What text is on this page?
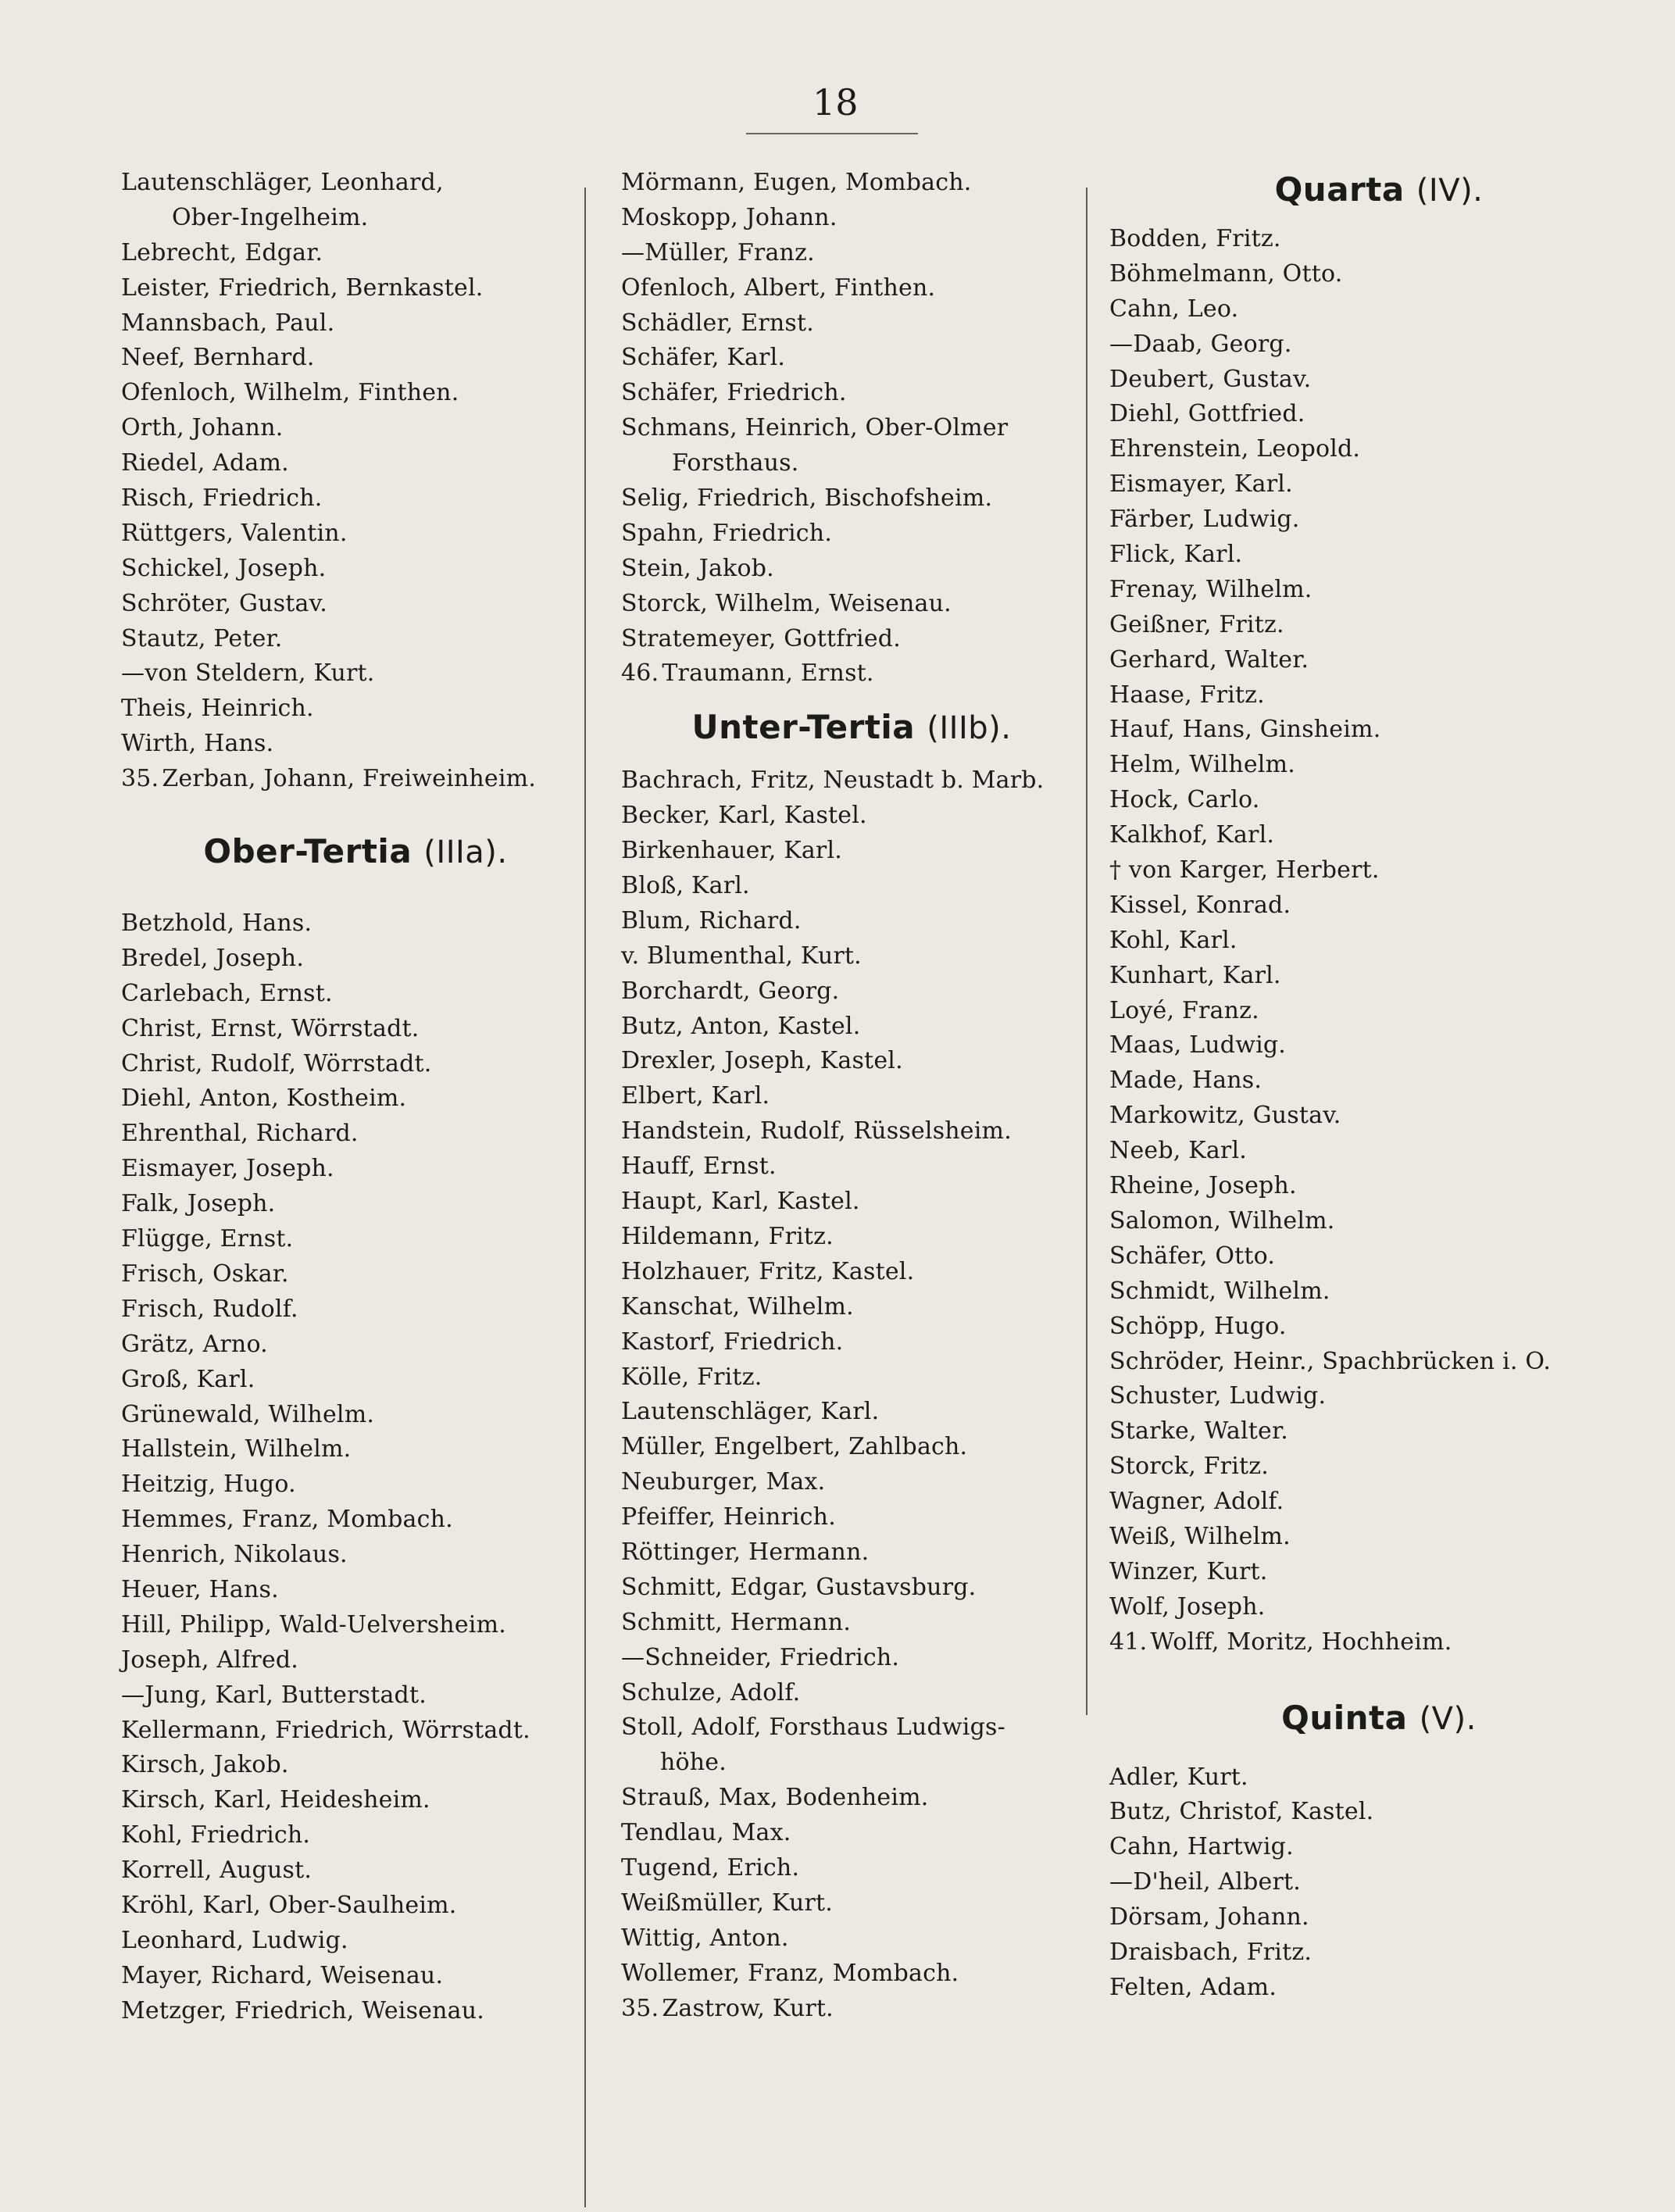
18
Lautenschläger, Leonhard,
Ober-Ingelheim.
Lebrecht, Edgar.
Leister, Friedrich, Bernkastel.
Mannsbach, Paul.
Neef, Bernhard.
Ofenloch, Wilhelm, Finthen.
Orth, Johann.
Riedel, Adam.
Risch, Friedrich.
Rüttgers, Valentin.
Schickel, Joseph.
Schröter, Gustav.
Stautz, Peter.
—von Steldern, Kurt.
Theis, Heinrich.
Wirth, Hans.
35. Zerban, Johann, Freiweinheim.
Ober-Tertia (IIIa).
Betzhold, Hans.
Bredel, Joseph.
Carlebach, Ernst.
Christ, Ernst, Wörrstadt.
Christ, Rudolf, Wörrstadt.
Diehl, Anton, Kostheim.
Ehrenthal, Richard.
Eismayer, Joseph.
Falk, Joseph.
Flügge, Ernst.
Frisch, Oskar.
Frisch, Rudolf.
Grätz, Arno.
Groß, Karl.
Grünewald, Wilhelm.
Hallstein, Wilhelm.
Heitzig, Hugo.
Hemmes, Franz, Mombach.
Henrich, Nikolaus.
Heuer, Hans.
Hill, Philipp, Wald-Uelversheim.
Joseph, Alfred.
—Jung, Karl, Butterstadt.
Kellermann, Friedrich, Wörrstadt.
Kirsch, Jakob.
Kirsch, Karl, Heidesheim.
Kohl, Friedrich.
Korrell, August.
Kröhl, Karl, Ober-Saulheim.
Leonhard, Ludwig.
Mayer, Richard, Weisenau.
Metzger, Friedrich, Weisenau.
Mörmann, Eugen, Mombach.
Moskopp, Johann.
—Müller, Franz.
Ofenloch, Albert, Finthen.
Schädler, Ernst.
Schäfer, Karl.
Schäfer, Friedrich.
Schmans, Heinrich, Ober-Olmer
Forsthaus.
Selig, Friedrich, Bischofsheim.
Spahn, Friedrich.
Stein, Jakob.
Storck, Wilhelm, Weisenau.
Stratemeyer, Gottfried.
46. Traumann, Ernst.
Unter-Tertia (IIIb).
Bachrach, Fritz, Neustadt b. Marb.
Becker, Karl, Kastel.
Birkenhauer, Karl.
Bloß, Karl.
Blum, Richard.
v. Blumenthal, Kurt.
Borchardt, Georg.
Butz, Anton, Kastel.
Drexler, Joseph, Kastel.
Elbert, Karl.
Handstein, Rudolf, Rüsselsheim.
Hauff, Ernst.
Haupt, Karl, Kastel.
Hildemann, Fritz.
Holzhauer, Fritz, Kastel.
Kanschat, Wilhelm.
Kastorf, Friedrich.
Kölle, Fritz.
Lautenschläger, Karl.
Müller, Engelbert, Zahlbach.
Neuburger, Max.
Pfeiffer, Heinrich.
Röttinger, Hermann.
Schmitt, Edgar, Gustavsburg.
Schmitt, Hermann.
—Schneider, Friedrich.
Schulze, Adolf.
Stoll, Adolf, Forsthaus Ludwigs-
höhe.
Strauß, Max, Bodenheim.
Tendlau, Max.
Tugend, Erich.
Weißmüller, Kurt.
Wittig, Anton.
Wollemer, Franz, Mombach.
35. Zastrow, Kurt.
Quarta (IV).
Bodden, Fritz.
Böhmelmann, Otto.
Cahn, Leo.
—Daab, Georg.
Deubert, Gustav.
Diehl, Gottfried.
Ehrenstein, Leopold.
Eismayer, Karl.
Färber, Ludwig.
Flick, Karl.
Frenay, Wilhelm.
Geißner, Fritz.
Gerhard, Walter.
Haase, Fritz.
Hauf, Hans, Ginsheim.
Helm, Wilhelm.
Hock, Carlo.
Kalkhof, Karl.
† von Karger, Herbert.
Kissel, Konrad.
Kohl, Karl.
Kunhart, Karl.
Loyé, Franz.
Maas, Ludwig.
Made, Hans.
Markowitz, Gustav.
Neeb, Karl.
Rheine, Joseph.
Salomon, Wilhelm.
Schäfer, Otto.
Schmidt, Wilhelm.
Schöpp, Hugo.
Schröder, Heinr., Spachbrücken i. O.
Schuster, Ludwig.
Starke, Walter.
Storck, Fritz.
Wagner, Adolf.
Weiß, Wilhelm.
Winzer, Kurt.
Wolf, Joseph.
41. Wolff, Moritz, Hochheim.
Quinta (V).
Adler, Kurt.
Butz, Christof, Kastel.
Cahn, Hartwig.
—D'heil, Albert.
Dörsam, Johann.
Draisbach, Fritz.
Felten, Adam.
